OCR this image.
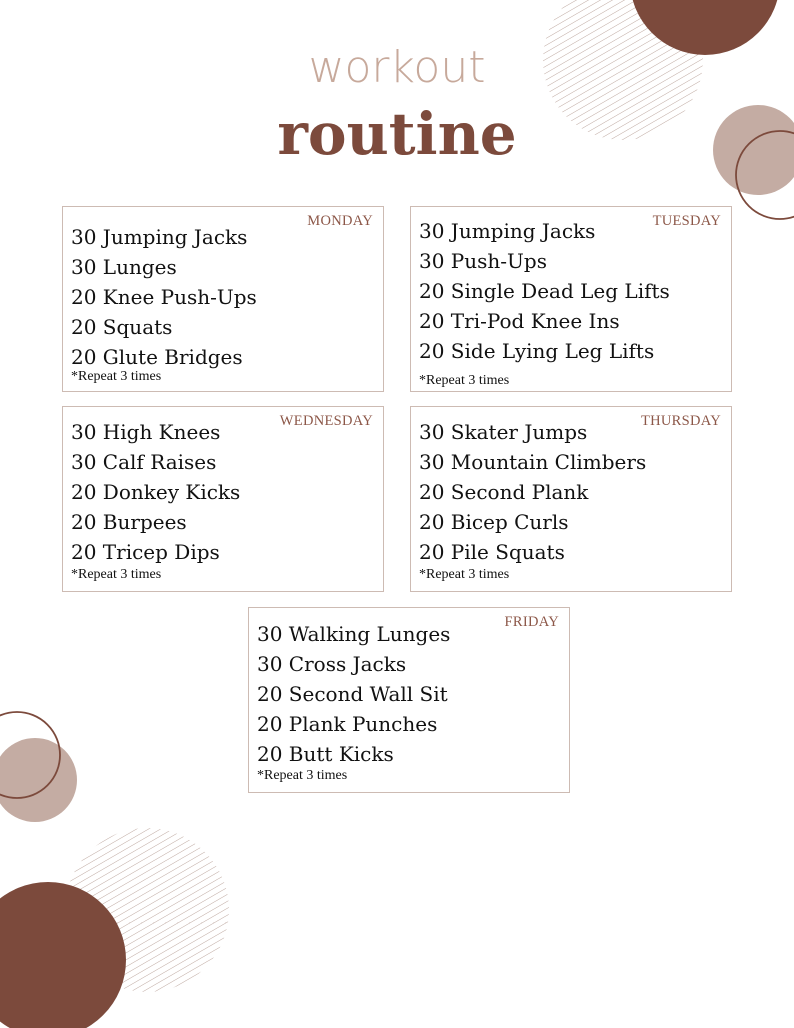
workout
routine
MONDAY
30 Jumping Jacks
30 Lunges
20 Knee Push-Ups
20 Squats
20 Glute Bridges
*Repeat 3 times
TUESDAY
30 Jumping Jacks
30 Push-Ups
20 Single Dead Leg Lifts
20 Tri-Pod Knee Ins
20 Side Lying Leg Lifts
*Repeat 3 times
WEDNESDAY
30 High Knees
30 Calf Raises
20 Donkey Kicks
20 Burpees
20 Tricep Dips
*Repeat 3 times
THURSDAY
30 Skater Jumps
30 Mountain Climbers
20 Second Plank
20 Bicep Curls
20 Pile Squats
*Repeat 3 times
FRIDAY
30 Walking Lunges
30 Cross Jacks
20 Second Wall Sit
20 Plank Punches
20 Butt Kicks
*Repeat 3 times
